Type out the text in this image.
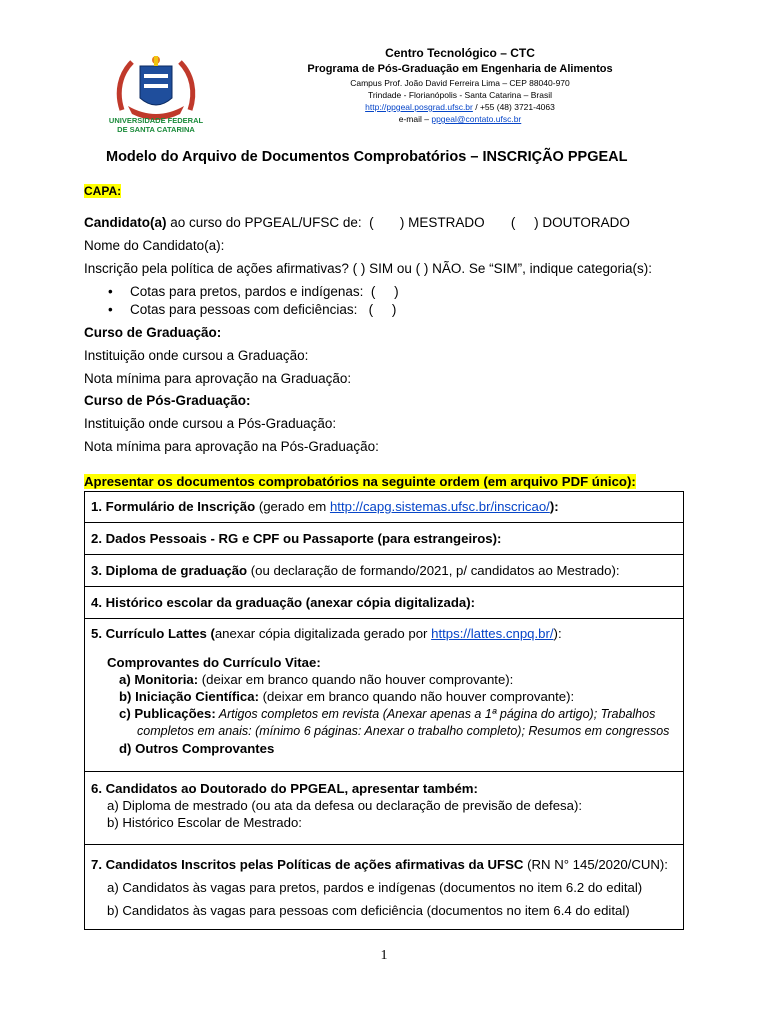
UNIVERSIDADE FEDERAL
DE SANTA CATARINA
Centro Tecnológico – CTC
Programa de Pós-Graduação em Engenharia de Alimentos
Campus Prof. João David Ferreira Lima – CEP 88040-970
Trindade - Florianópolis - Santa Catarina – Brasil
http://ppgeal.posgrad.ufsc.br / +55 (48) 3721-4063
e-mail – ppgeal@contato.ufsc.br
Modelo do Arquivo de Documentos Comprobatórios – INSCRIÇÃO PPGEAL
CAPA:
Candidato(a) ao curso do PPGEAL/UFSC de:  (       ) MESTRADO       (     ) DOUTORADO
Nome do Candidato(a):
Inscrição pela política de ações afirmativas? ( ) SIM ou ( ) NÃO. Se “SIM”, indique categoria(s):
• Cotas para pretos, pardos e indígenas:  (     )
• Cotas para pessoas com deficiências:   (     )
Curso de Graduação:
Instituição onde cursou a Graduação:
Nota mínima para aprovação na Graduação:
Curso de Pós-Graduação:
Instituição onde cursou a Pós-Graduação:
Nota mínima para aprovação na Pós-Graduação:
Apresentar os documentos comprobatórios na seguinte ordem (em arquivo PDF único):
1. Formulário de Inscrição (gerado em http://capg.sistemas.ufsc.br/inscricao/):
2. Dados Pessoais - RG e CPF ou Passaporte (para estrangeiros):
3. Diploma de graduação (ou declaração de formando/2021, p/ candidatos ao Mestrado):
4. Histórico escolar da graduação (anexar cópia digitalizada):

5. Currículo Lattes (anexar cópia digitalizada gerado por https://lattes.cnpq.br/):
Comprovantes do Currículo Vitae:
a) Monitoria: (deixar em branco quando não houver comprovante):
b) Iniciação Científica: (deixar em branco quando não houver comprovante):
c) Publicações: Artigos completos em revista (Anexar apenas a 1ª página do artigo); Trabalhos
completos em anais: (mínimo 6 páginas: Anexar o trabalho completo); Resumos em congressos
d) Outros Comprovantes

6. Candidatos ao Doutorado do PPGEAL, apresentar também:
a) Diploma de mestrado (ou ata da defesa ou declaração de previsão de defesa):
b) Histórico Escolar de Mestrado:

7. Candidatos Inscritos pelas Políticas de ações afirmativas da UFSC (RN N° 145/2020/CUN):
a) Candidatos às vagas para pretos, pardos e indígenas (documentos no item 6.2 do edital)
b) Candidatos às vagas para pessoas com deficiência (documentos no item 6.4 do edital)
1
